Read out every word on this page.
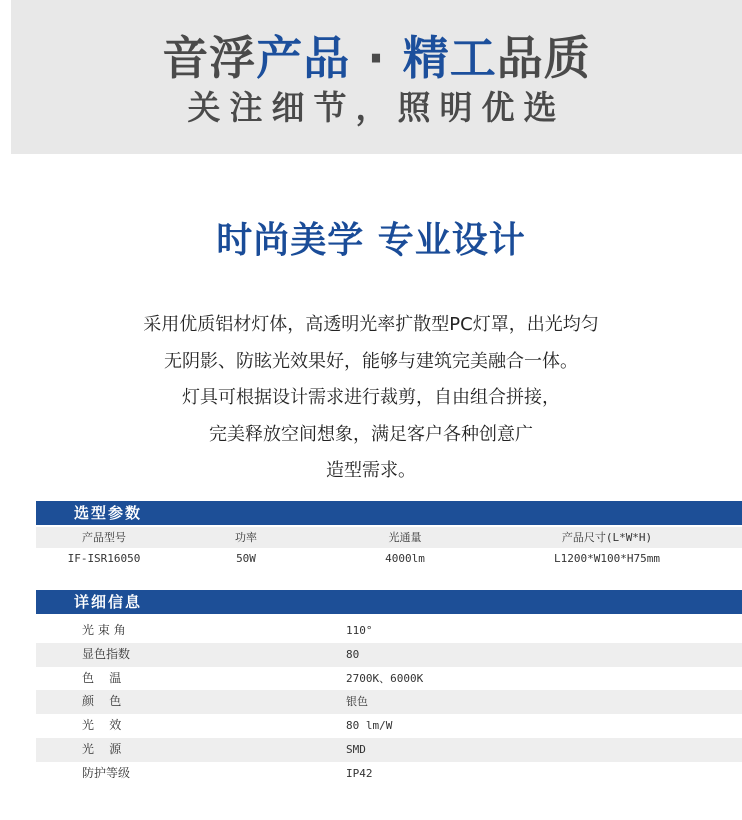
音浮产品 · 精工品质
关注细节，照明优选
时尚美学 专业设计

采用优质铝材灯体，高透明光率扩散型PC灯罩，出光均匀

无阴影、防眩光效果好，能够与建筑完美融合一体。

灯具可根据设计需求进行裁剪，自由组合拼接，

完美释放空间想象，满足客户各种创意广

造型需求。

选型参数
产品型号	功率	光通量	产品尺寸(L*W*H)
IF-ISR16050	50W	4000lm	L1200*W100*H75mm
详细信息
光 束 角	110°
显色指数	80
色    温	2700K、6000K
颜    色	银色
光    效	80 lm/W
光    源	SMD
防护等级	IP42
